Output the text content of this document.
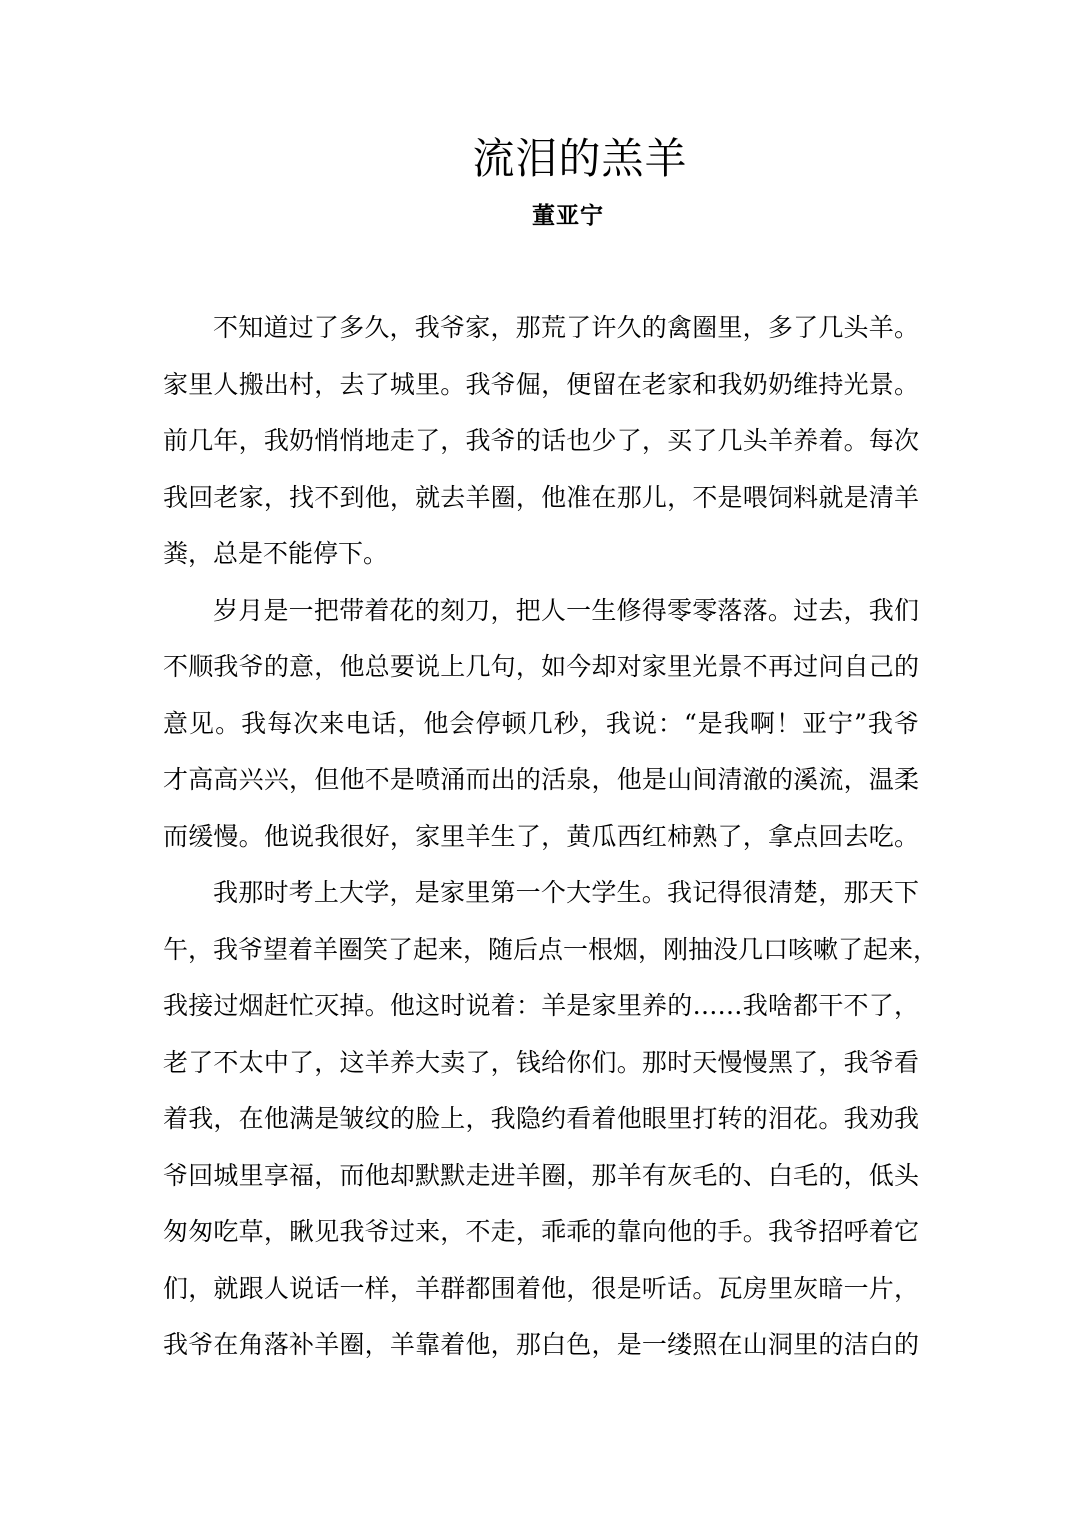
流泪的羔羊
董亚宁
不知道过了多久，我爷家，那荒了许久的禽圈里，多了几头羊。
家里人搬出村，去了城里。我爷倔，便留在老家和我奶奶维持光景。
前几年，我奶悄悄地走了，我爷的话也少了，买了几头羊养着。每次
我回老家，找不到他，就去羊圈，他准在那儿，不是喂饲料就是清羊
粪，总是不能停下。
岁月是一把带着花的刻刀，把人一生修得零零落落。过去，我们
不顺我爷的意，他总要说上几句，如今却对家里光景不再过问自己的
意见。我每次来电话，他会停顿几秒，我说：“是我啊！亚宁”我爷
才高高兴兴，但他不是喷涌而出的活泉，他是山间清澈的溪流，温柔
而缓慢。他说我很好，家里羊生了，黄瓜西红柿熟了，拿点回去吃。
我那时考上大学，是家里第一个大学生。我记得很清楚，那天下
午，我爷望着羊圈笑了起来，随后点一根烟，刚抽没几口咳嗽了起来，
我接过烟赶忙灭掉。他这时说着：羊是家里养的……我啥都干不了，
老了不太中了，这羊养大卖了，钱给你们。那时天慢慢黑了，我爷看
着我，在他满是皱纹的脸上，我隐约看着他眼里打转的泪花。我劝我
爷回城里享福，而他却默默走进羊圈，那羊有灰毛的、白毛的，低头
匆匆吃草，瞅见我爷过来，不走，乖乖的靠向他的手。我爷招呼着它
们，就跟人说话一样，羊群都围着他，很是听话。瓦房里灰暗一片，
我爷在角落补羊圈，羊靠着他，那白色，是一缕照在山洞里的洁白的
